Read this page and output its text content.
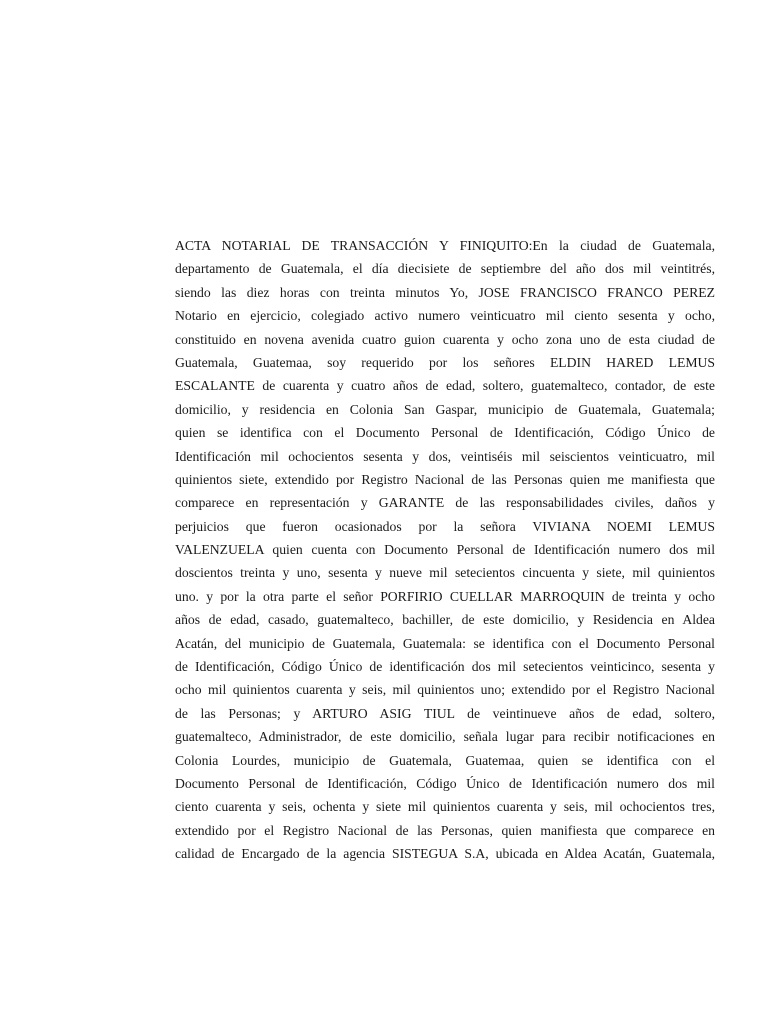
ACTA NOTARIAL DE TRANSACCIÓN Y FINIQUITO:En la ciudad de Guatemala,
departamento de Guatemala, el día diecisiete de septiembre del año dos mil veintitrés,
siendo las diez horas con treinta minutos Yo, JOSE FRANCISCO FRANCO PEREZ
Notario en ejercicio, colegiado activo numero veinticuatro mil ciento sesenta y ocho,
constituido en novena avenida cuatro guion cuarenta y ocho zona uno de esta ciudad de
Guatemala, Guatemaa, soy requerido por los señores ELDIN HARED LEMUS
ESCALANTE de cuarenta y cuatro años de edad, soltero, guatemalteco, contador, de este
domicilio, y residencia en Colonia San Gaspar, municipio de Guatemala, Guatemala;
quien se identifica con el Documento Personal de Identificación, Código Único de
Identificación mil ochocientos sesenta y dos, veintiséis mil seiscientos veinticuatro, mil
quinientos siete, extendido por Registro Nacional de las Personas quien me manifiesta que
comparece en representación y GARANTE de las responsabilidades civiles, daños y
perjuicios que fueron ocasionados por la señora VIVIANA NOEMI LEMUS
VALENZUELA quien cuenta con Documento Personal de Identificación numero dos mil
doscientos treinta y uno, sesenta y nueve mil setecientos cincuenta y siete, mil quinientos
uno. y por la otra parte el señor PORFIRIO CUELLAR MARROQUIN de treinta y ocho
años de edad, casado, guatemalteco, bachiller, de este domicilio, y Residencia en Aldea
Acatán, del municipio de Guatemala, Guatemala: se identifica con el Documento Personal
de Identificación, Código Único de identificación dos mil setecientos veinticinco, sesenta y
ocho mil quinientos cuarenta y seis, mil quinientos uno; extendido por el Registro Nacional
de las Personas; y ARTURO ASIG TIUL de veintinueve años de edad, soltero,
guatemalteco, Administrador, de este domicilio, señala lugar para recibir notificaciones en
Colonia Lourdes, municipio de Guatemala, Guatemaa, quien se identifica con el
Documento Personal de Identificación, Código Único de Identificación numero dos mil
ciento cuarenta y seis, ochenta y siete mil quinientos cuarenta y seis, mil ochocientos tres,
extendido por el Registro Nacional de las Personas, quien manifiesta que comparece en
calidad de Encargado de la agencia SISTEGUA S.A, ubicada en Aldea Acatán, Guatemala,
